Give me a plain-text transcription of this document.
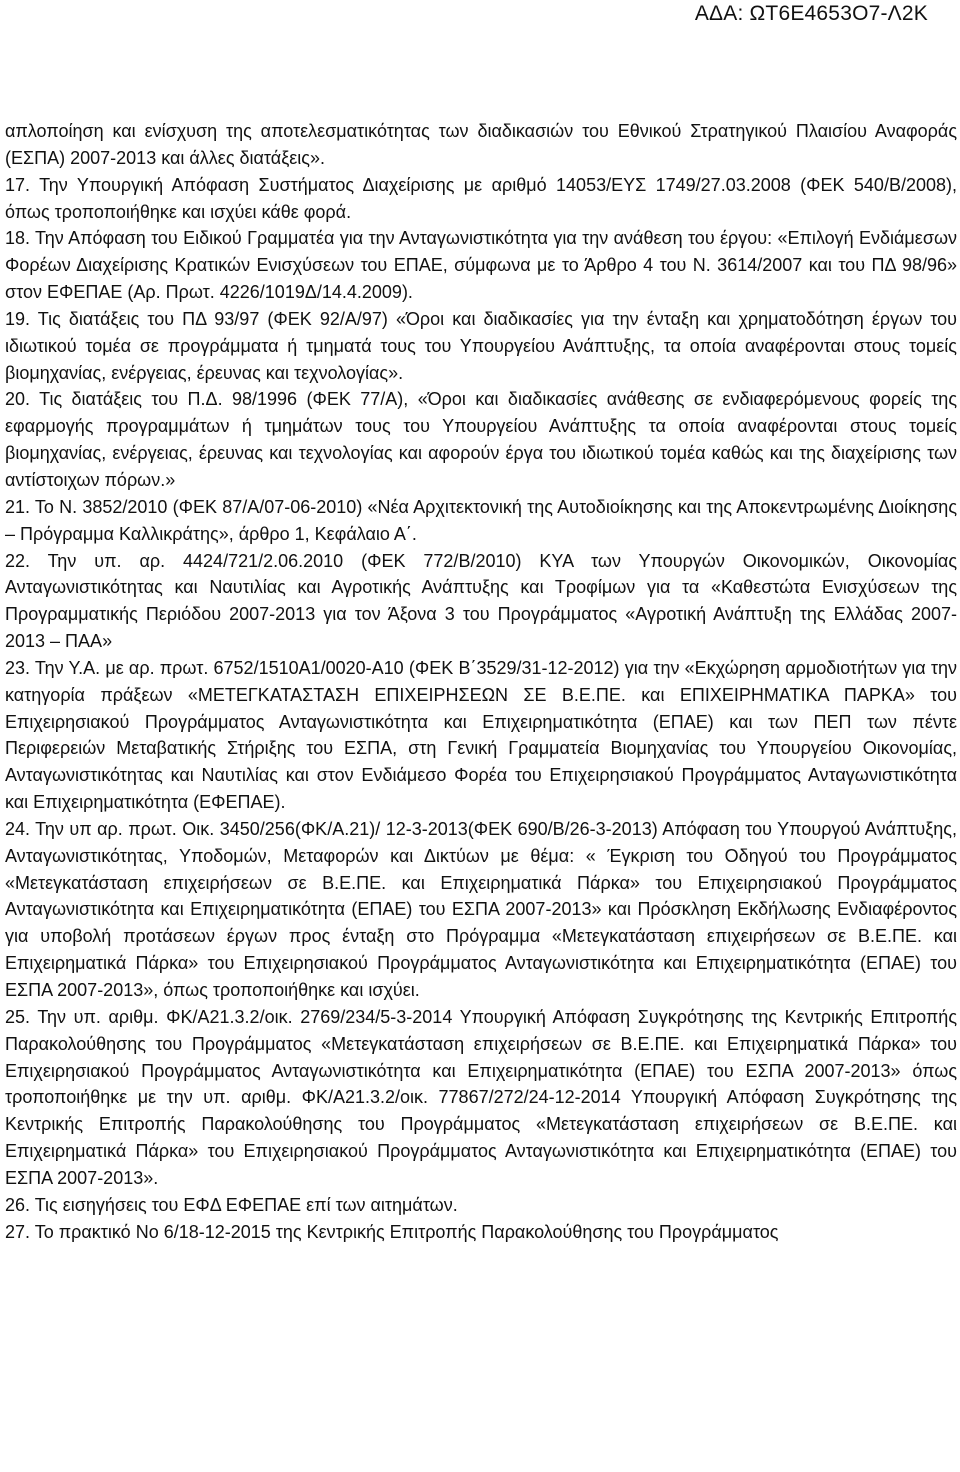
ΑΔΑ: ΩΤ6Ε4653Ο7-Λ2Κ

απλοποίηση και ενίσχυση της αποτελεσματικότητας των διαδικασιών του Εθνικού Στρατηγικού Πλαισίου Αναφοράς (ΕΣΠΑ) 2007-2013 και άλλες διατάξεις».

17. Την Υπουργική Απόφαση Συστήματος Διαχείρισης με αριθμό 14053/ΕΥΣ 1749/27.03.2008 (ΦΕΚ 540/Β/2008), όπως τροποποιήθηκε και ισχύει κάθε φορά.

18. Την Απόφαση του Ειδικού Γραμματέα για την Ανταγωνιστικότητα για την ανάθεση του έργου: «Επιλογή Ενδιάμεσων Φορέων Διαχείρισης Κρατικών Ενισχύσεων του ΕΠΑΕ, σύμφωνα με το Άρθρο 4 του Ν. 3614/2007 και του ΠΔ 98/96» στον ΕΦΕΠΑΕ (Αρ. Πρωτ. 4226/1019Δ/14.4.2009).

19. Τις διατάξεις του ΠΔ 93/97 (ΦΕΚ 92/Α/97) «Όροι και διαδικασίες για την ένταξη και χρηματοδότηση έργων του ιδιωτικού τομέα σε προγράμματα ή τμηματά τους του Υπουργείου Ανάπτυξης, τα οποία αναφέρονται στους τομείς βιομηχανίας, ενέργειας, έρευνας και τεχνολογίας».

20. Τις διατάξεις του Π.Δ. 98/1996 (ΦΕΚ 77/Α), «Όροι και διαδικασίες ανάθεσης σε ενδιαφερόμενους φορείς της εφαρμογής προγραμμάτων ή τμημάτων τους του Υπουργείου Ανάπτυξης τα οποία αναφέρονται στους τομείς βιομηχανίας, ενέργειας, έρευνας και τεχνολογίας και αφορούν έργα του ιδιωτικού τομέα καθώς και της διαχείρισης των αντίστοιχων πόρων.»

21. Το Ν. 3852/2010 (ΦΕΚ 87/Α/07-06-2010) «Νέα Αρχιτεκτονική της Αυτοδιοίκησης και της Αποκεντρωμένης Διοίκησης – Πρόγραμμα Καλλικράτης», άρθρο 1, Κεφάλαιο Α΄.

22. Την υπ. αρ. 4424/721/2.06.2010 (ΦΕΚ 772/Β/2010) ΚΥΑ των Υπουργών Οικονομικών, Οικονομίας Ανταγωνιστικότητας και Ναυτιλίας και Αγροτικής Ανάπτυξης και Τροφίμων για τα «Καθεστώτα Ενισχύσεων της Προγραμματικής Περιόδου 2007-2013 για τον Άξονα 3 του Προγράμματος «Αγροτική Ανάπτυξη της Ελλάδας 2007-2013 – ΠΑΑ»

23. Την Υ.Α. με αρ. πρωτ. 6752/1510Α1/0020-Α10 (ΦΕΚ Β΄3529/31-12-2012) για την «Εκχώρηση αρμοδιοτήτων για την κατηγορία πράξεων «ΜΕΤΕΓΚΑΤΑΣΤΑΣΗ ΕΠΙΧΕΙΡΗΣΕΩΝ ΣΕ Β.Ε.ΠΕ. και ΕΠΙΧΕΙΡΗΜΑΤΙΚΑ ΠΑΡΚΑ» του Επιχειρησιακού Προγράμματος Ανταγωνιστικότητα και Επιχειρηματικότητα (ΕΠΑΕ) και των ΠΕΠ των πέντε Περιφερειών Μεταβατικής Στήριξης του ΕΣΠΑ, στη Γενική Γραμματεία Βιομηχανίας του Υπουργείου Οικονομίας, Ανταγωνιστικότητας και Ναυτιλίας και στον Ενδιάμεσο Φορέα του Επιχειρησιακού Προγράμματος Ανταγωνιστικότητα και Επιχειρηματικότητα (ΕΦΕΠΑΕ).

24. Την υπ αρ. πρωτ. Οικ. 3450/256(ΦΚ/Α.21)/ 12-3-2013(ΦΕΚ 690/Β/26-3-2013) Απόφαση του Υπουργού Ανάπτυξης, Ανταγωνιστικότητας, Υποδομών, Μεταφορών και Δικτύων με θέμα: « Έγκριση του Οδηγού του Προγράμματος «Μετεγκατάσταση επιχειρήσεων σε Β.Ε.ΠΕ. και Επιχειρηματικά Πάρκα» του Επιχειρησιακού Προγράμματος Ανταγωνιστικότητα και Επιχειρηματικότητα (ΕΠΑΕ) του ΕΣΠΑ 2007-2013» και Πρόσκληση Εκδήλωσης Ενδιαφέροντος για υποβολή προτάσεων έργων προς ένταξη στο Πρόγραμμα «Μετεγκατάσταση επιχειρήσεων σε Β.Ε.ΠΕ. και Επιχειρηματικά Πάρκα» του Επιχειρησιακού Προγράμματος Ανταγωνιστικότητα και Επιχειρηματικότητα (ΕΠΑΕ) του ΕΣΠΑ 2007-2013», όπως τροποποιήθηκε και ισχύει.

25. Την υπ. αριθμ. ΦΚ/Α21.3.2/οικ. 2769/234/5-3-2014 Υπουργική Απόφαση Συγκρότησης της Κεντρικής Επιτροπής Παρακολούθησης του Προγράμματος «Μετεγκατάσταση επιχειρήσεων σε Β.Ε.ΠΕ. και Επιχειρηματικά Πάρκα» του Επιχειρησιακού Προγράμματος Ανταγωνιστικότητα και Επιχειρηματικότητα (ΕΠΑΕ) του ΕΣΠΑ 2007-2013» όπως τροποποιήθηκε με την υπ. αριθμ. ΦΚ/Α21.3.2/οικ. 77867/272/24-12-2014 Υπουργική Απόφαση Συγκρότησης της Κεντρικής Επιτροπής Παρακολούθησης του Προγράμματος «Μετεγκατάσταση επιχειρήσεων σε Β.Ε.ΠΕ. και Επιχειρηματικά Πάρκα» του Επιχειρησιακού Προγράμματος Ανταγωνιστικότητα και Επιχειρηματικότητα (ΕΠΑΕ) του ΕΣΠΑ 2007-2013».

26. Τις εισηγήσεις του ΕΦΔ ΕΦΕΠΑΕ επί των αιτημάτων.

27. Το πρακτικό Νο 6/18-12-2015 της Κεντρικής Επιτροπής Παρακολούθησης του Προγράμματος
